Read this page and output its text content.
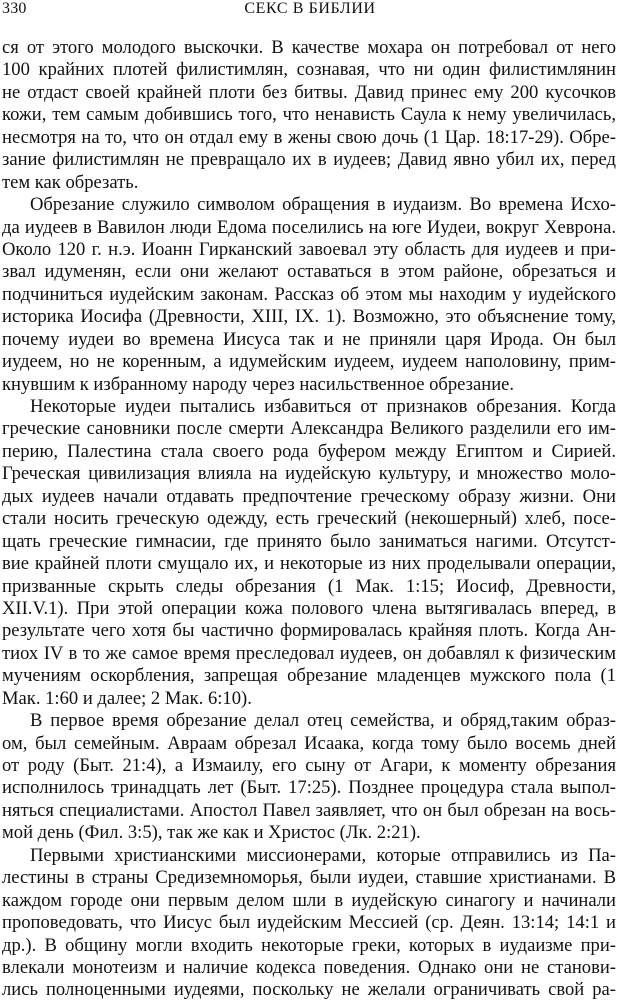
330	СЕКС В БИБЛИИ
ся от этого молодого выскочки. В качестве мохара он потребовал от него
100 крайних плотей филистимлян, сознавая, что ни один филистимлянин
не отдаст своей крайней плоти без битвы. Давид принес ему 200 кусочков
кожи, тем самым добившись того, что ненависть Саула к нему увеличилась,
несмотря на то, что он отдал ему в жены свою дочь (1 Цар. 18:17-29). Обре-
зание филистимлян не превращало их в иудеев; Давид явно убил их, перед
тем как обрезать.
Обрезание служило символом обращения в иудаизм. Во времена Исхо-
да иудеев в Вавилон люди Едома поселились на юге Иудеи, вокруг Хеврона.
Около 120 г. н.э. Иоанн Гирканский завоевал эту область для иудеев и при-
звал идуменян, если они желают оставаться в этом районе, обрезаться и
подчиниться иудейским законам. Рассказ об этом мы находим у иудейского
историка Иосифа (Древности, XIII, IX. 1). Возможно, это объяснение тому,
почему иудеи во времена Иисуса так и не приняли царя Ирода. Он был
иудеем, но не коренным, а идумейским иудеем, иудеем наполовину, прим-
кнувшим к избранному народу через насильственное обрезание.
Некоторые иудеи пытались избавиться от признаков обрезания. Когда
греческие сановники после смерти Александра Великого разделили его им-
перию, Палестина стала своего рода буфером между Египтом и Сирией.
Греческая цивилизация влияла на иудейскую культуру, и множество моло-
дых иудеев начали отдавать предпочтение греческому образу жизни. Они
стали носить греческую одежду, есть греческий (некошерный) хлеб, посе-
щать греческие гимнасии, где принято было заниматься нагими. Отсутст-
вие крайней плоти смущало их, и некоторые из них проделывали операции,
призванные скрыть следы обрезания (1 Мак. 1:15; Иосиф, Древности,
XII.V.1). При этой операции кожа полового члена вытягивалась вперед, в
результате чего хотя бы частично формировалась крайняя плоть. Когда Ан-
тиох IV в то же самое время преследовал иудеев, он добавлял к физическим
мучениям оскорбления, запрещая обрезание младенцев мужского пола (1
Мак. 1:60 и далее; 2 Мак. 6:10).
В первое время обрезание делал отец семейства, и обряд,таким образ-
ом, был семейным. Авраам обрезал Исаака, когда тому было восемь дней
от роду (Быт. 21:4), а Измаилу, его сыну от Агари, к моменту обрезания
исполнилось тринадцать лет (Быт. 17:25). Позднее процедура стала выпол-
няться специалистами. Апостол Павел заявляет, что он был обрезан на вось-
мой день (Фил. 3:5), так же как и Христос (Лк. 2:21).
Первыми христианскими миссионерами, которые отправились из Па-
лестины в страны Средиземноморья, были иудеи, ставшие христианами. В
каждом городе они первым делом шли в иудейскую синагогу и начинали
проповедовать, что Иисус был иудейским Мессией (ср. Деян. 13:14; 14:1 и
др.). В общину могли входить некоторые греки, которых в иудаизме при-
влекали монотеизм и наличие кодекса поведения. Однако они не станови-
лись полноценными иудеями, поскольку не желали ограничивать свой ра-
